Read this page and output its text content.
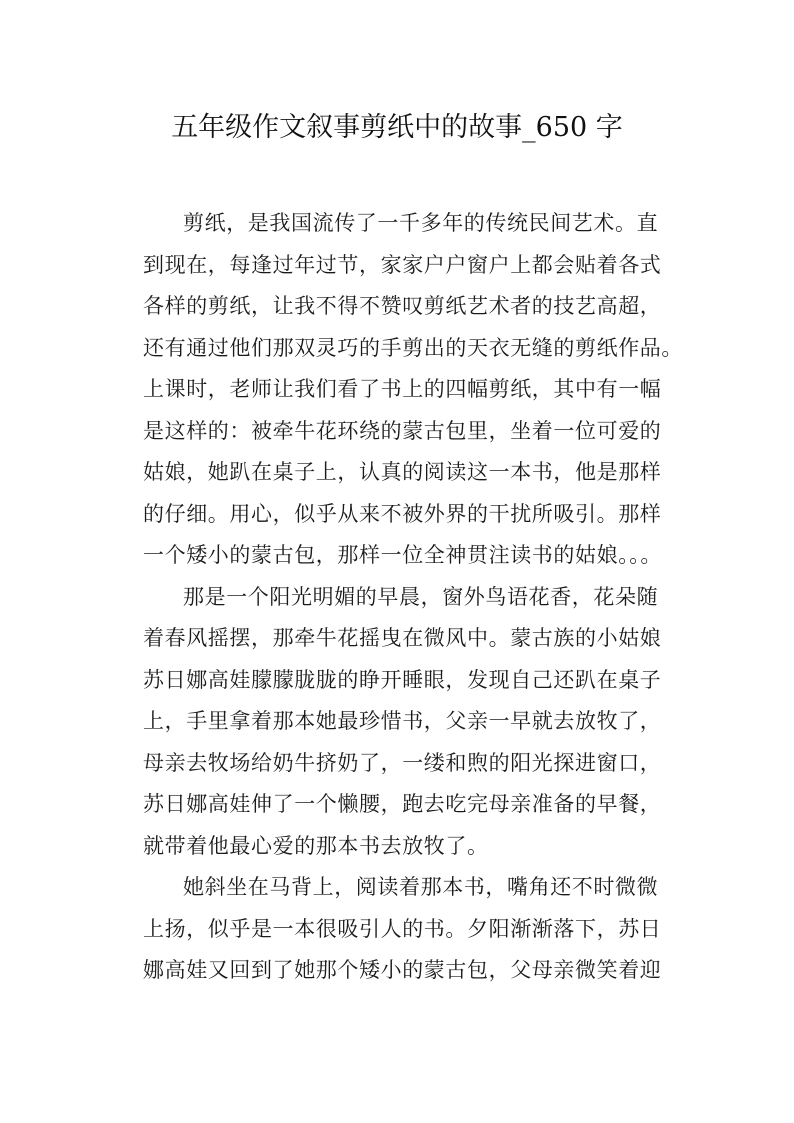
五年级作文叙事剪纸中的故事_650 字
剪纸，是我国流传了一千多年的传统民间艺术。直
到现在，每逢过年过节，家家户户窗户上都会贴着各式
各样的剪纸，让我不得不赞叹剪纸艺术者的技艺高超，
还有通过他们那双灵巧的手剪出的天衣无缝的剪纸作品。
上课时，老师让我们看了书上的四幅剪纸，其中有一幅
是这样的：被牵牛花环绕的蒙古包里，坐着一位可爱的
姑娘，她趴在桌子上，认真的阅读这一本书，他是那样
的仔细。用心，似乎从来不被外界的干扰所吸引。那样
一个矮小的蒙古包，那样一位全神贯注读书的姑娘。。。
那是一个阳光明媚的早晨，窗外鸟语花香，花朵随
着春风摇摆，那牵牛花摇曳在微风中。蒙古族的小姑娘
苏日娜高娃朦朦胧胧的睁开睡眼，发现自己还趴在桌子
上，手里拿着那本她最珍惜书，父亲一早就去放牧了，
母亲去牧场给奶牛挤奶了，一缕和煦的阳光探进窗口，
苏日娜高娃伸了一个懒腰，跑去吃完母亲准备的早餐，
就带着他最心爱的那本书去放牧了。
她斜坐在马背上，阅读着那本书，嘴角还不时微微
上扬，似乎是一本很吸引人的书。夕阳渐渐落下，苏日
娜高娃又回到了她那个矮小的蒙古包，父母亲微笑着迎
